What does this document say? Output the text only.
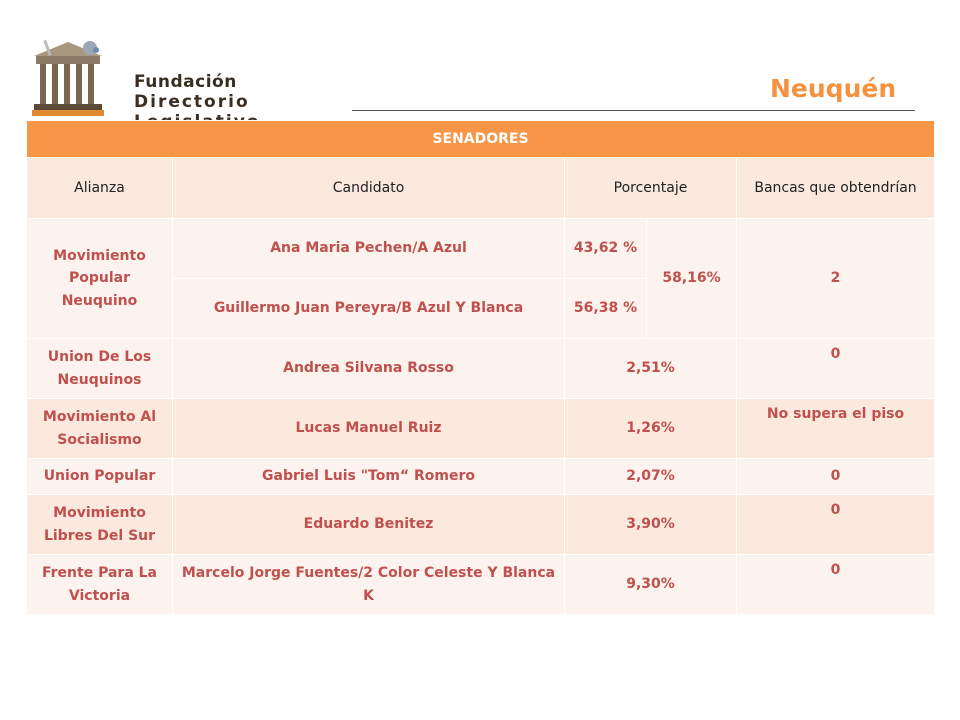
Fundación
Directorio	Neuquén
SENADORES				
Alianza	Candidato	Porcentaje		Bancas que obtendrían
Movimiento Popular Neuquino	Ana Maria Pechen/A Azul	43,62 %	58,16%	2
	Guillermo Juan Pereyra/B Azul Y Blanca	56,38 %		
Union De Los Neuquinos	Andrea Silvana Rosso	2,51%		0
Movimiento Al Socialismo	Lucas Manuel Ruiz	1,26%		No supera el piso
Union Popular	Gabriel Luis "Tom“ Romero	2,07%		0
Movimiento Libres Del Sur	Eduardo Benitez	3,90%		0
Frente Para La Victoria	Marcelo Jorge Fuentes/2 Color Celeste Y Blanca K	9,30%		0
